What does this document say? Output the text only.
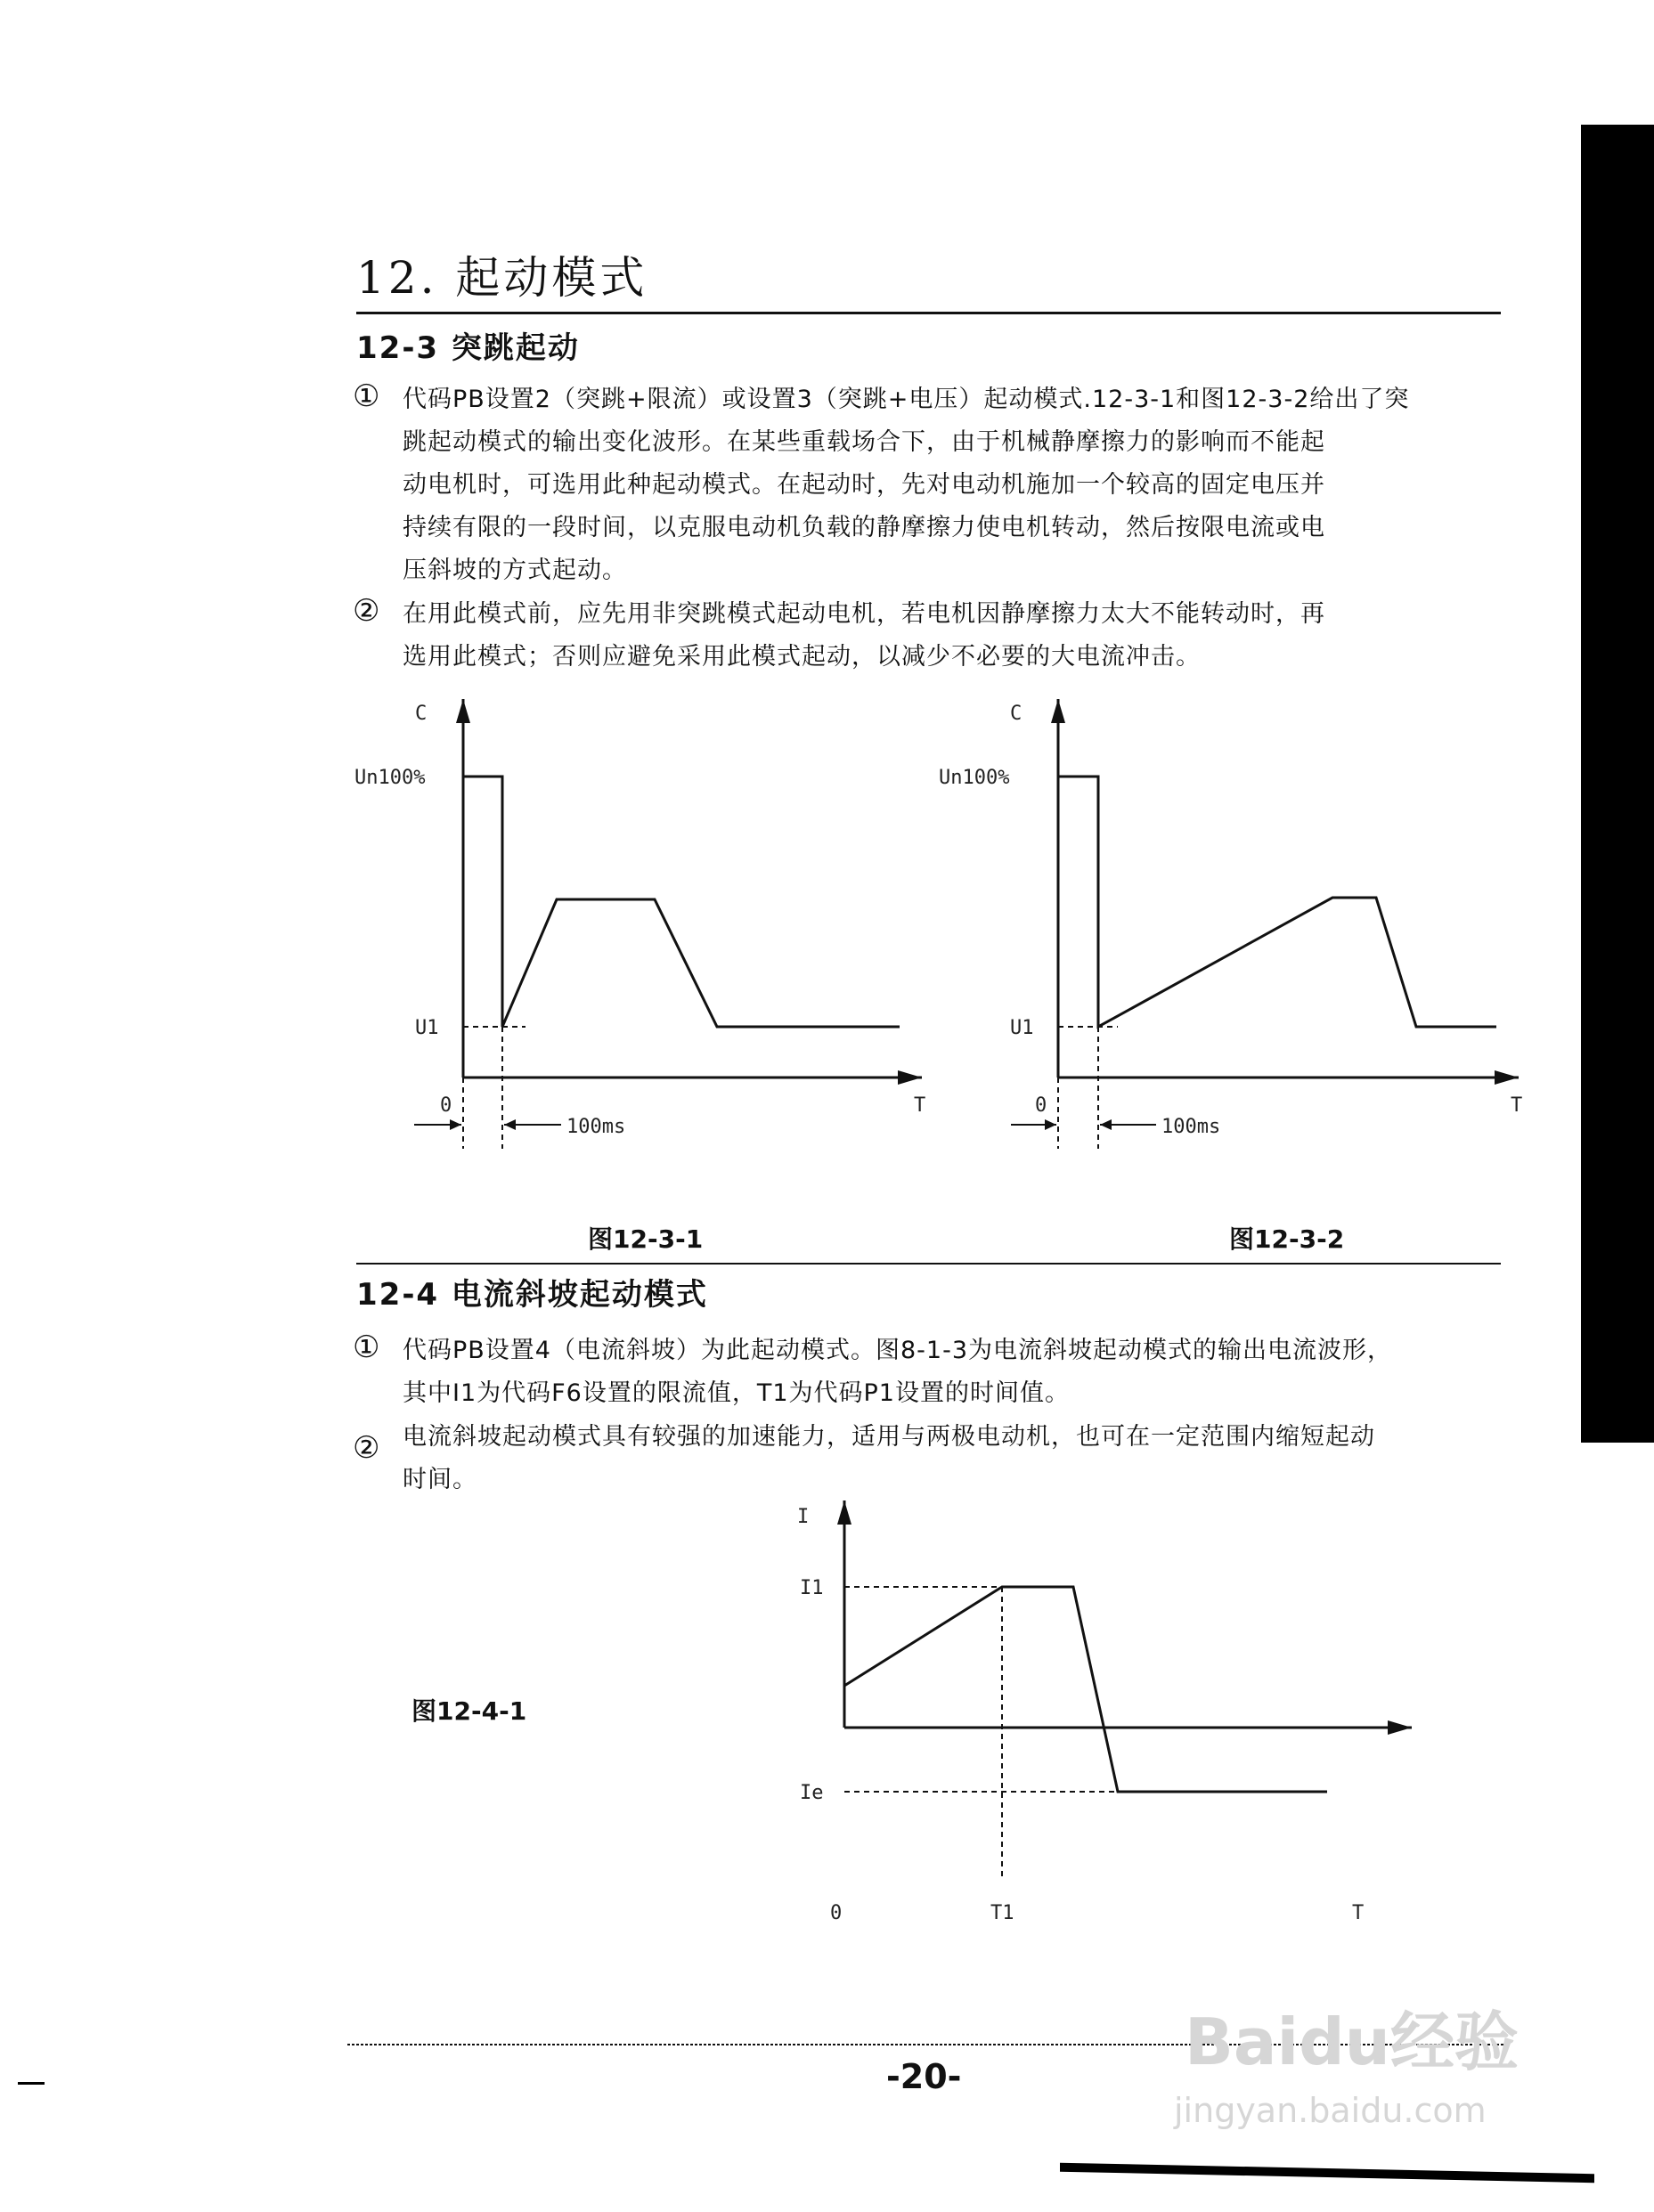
12. 起动模式
12-3 突跳起动
① 代码PB设置2（突跳+限流）或设置3（突跳+电压）起动模式.12-3-1和图12-3-2给出了突
跳起动模式的输出变化波形。在某些重载场合下，由于机械静摩擦力的影响而不能起
动电机时，可选用此种起动模式。在起动时，先对电动机施加一个较高的固定电压并
持续有限的一段时间，以克服电动机负载的静摩擦力使电机转动，然后按限电流或电
压斜坡的方式起动。
② 在用此模式前，应先用非突跳模式起动电机，若电机因静摩擦力太大不能转动时，再
选用此模式；否则应避免采用此模式起动，以减少不必要的大电流冲击。
C
Un100%
U1
0	T
100ms
C
Un100%
U1
0	T
100ms
I
I1
Ie
0	T1	T
图12-3-1	图12-3-2
12-4 电流斜坡起动模式
① 代码PB设置4（电流斜坡）为此起动模式。图8-1-3为电流斜坡起动模式的输出电流波形，
其中I1为代码F6设置的限流值，T1为代码P1设置的时间值。
② 电流斜坡起动模式具有较强的加速能力，适用与两极电动机，也可在一定范围内缩短起动
时间。
图12-4-1
-20-	Baidu经验
jingyan.baidu.com
